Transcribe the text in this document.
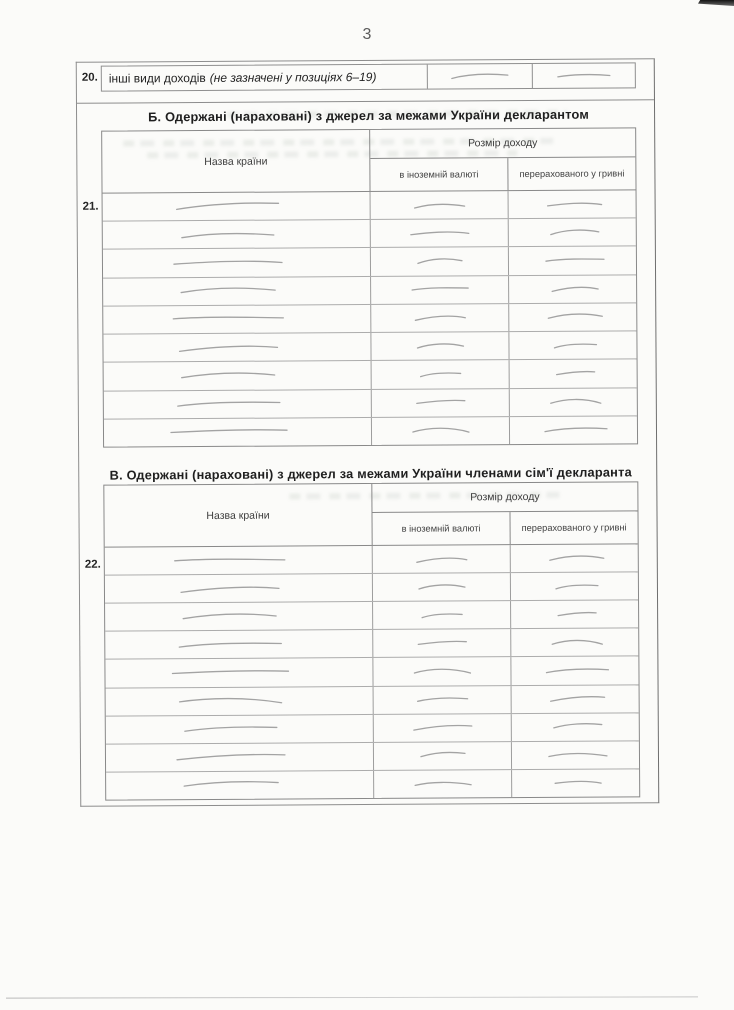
3
20. інші види доходів (не зазначені у позиціях 6–19)
Б. Одержані (нараховані) з джерел за межами України декларантом
21.
Назва країни
Розмір доходу
в іноземній валюті	перерахованого у гривні
В. Одержані (нараховані) з джерел за межами України членами сім'ї декларанта
22.
Назва країни
Розмір доходу
в іноземній валюті	перерахованого у гривні
